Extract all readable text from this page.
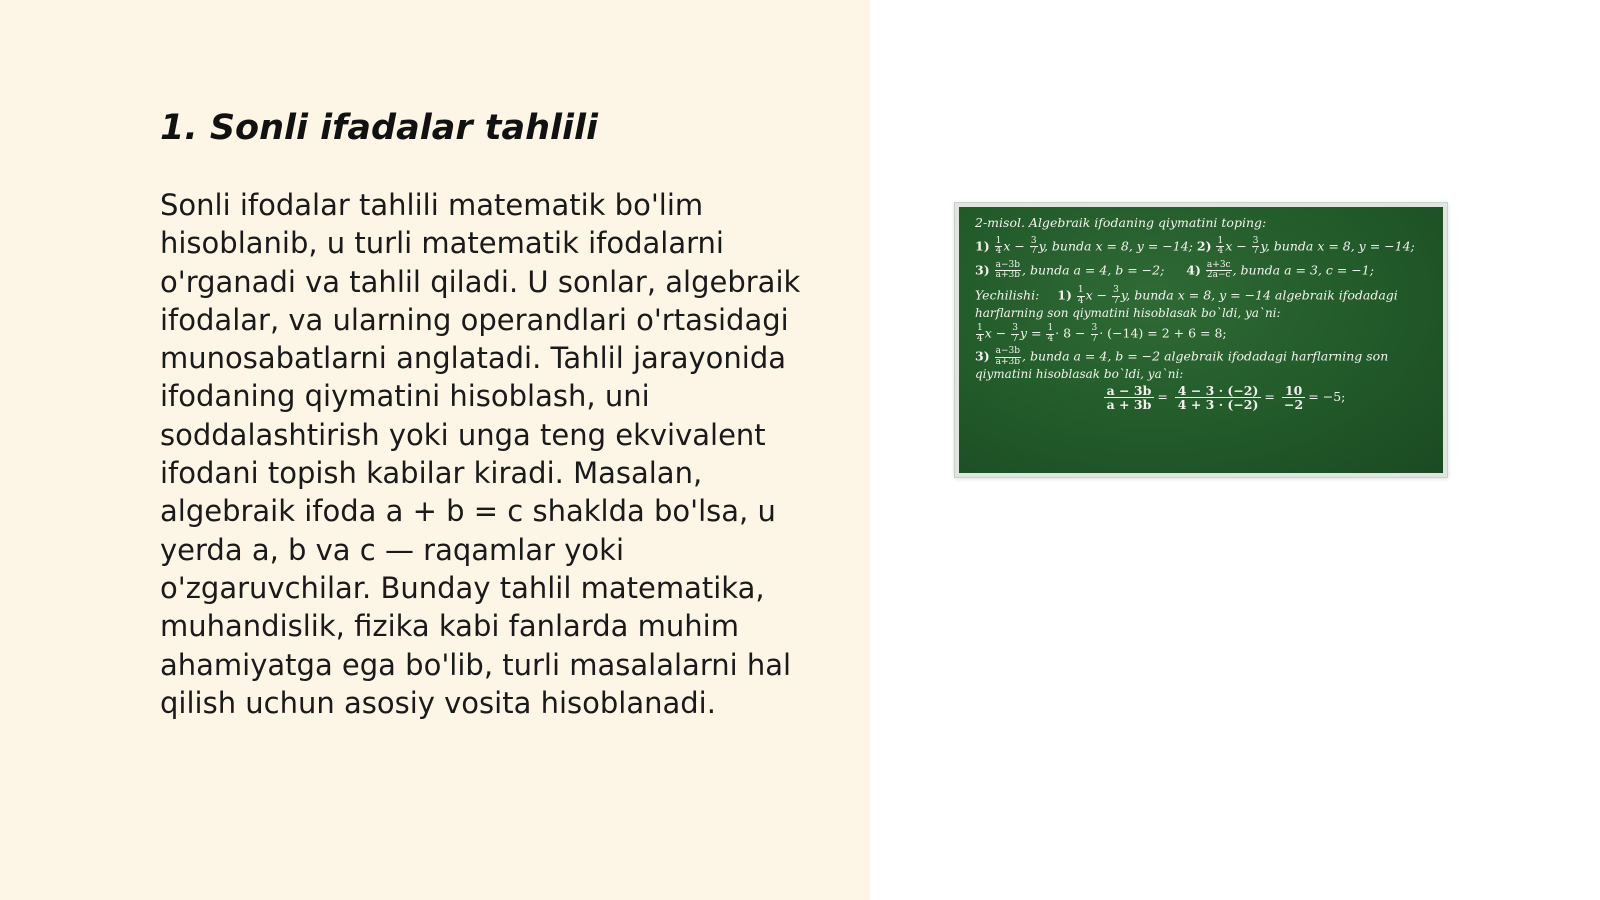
1. Sonli ifadalar tahlili

Sonli ifodalar tahlili matematik bo'lim hisoblanib, u turli matematik ifodalarni o'rganadi va tahlil qiladi. U sonlar, algebraik ifodalar, va ularning operandlari o'rtasidagi munosabatlarni anglatadi. Tahlil jarayonida ifodaning qiymatini hisoblash, uni soddalashtirish yoki unga teng ekvivalent ifodani topish kabilar kiradi. Masalan, algebraik ifoda a + b = c shaklda bo'lsa, u yerda a, b va c — raqamlar yoki o'zgaruvchilar. Bunday tahlil matematika, muhandislik, fizika kabi fanlarda muhim ahamiyatga ega bo'lib, turli masalalarni hal qilish uchun asosiy vosita hisoblanadi.

2-misol. Algebraik ifodaning qiymatini toping:
$1) \frac{1}{4}$ $x - \frac{3}{7} y$, bunda x = 8, y = −14; $2) \frac{1}{4}$ $x - \frac{3}{7} y$, bunda x = 8, y = −14;
$3) \frac{a-3b}{a+3b}$ , bunda a = 4, b = −2; $4) \frac{a+3c}{2a-c}$ , bunda a = 3, c = −1;
Yechilishi: $1) \frac{1}{4}$ $x - \frac{3}{7} y$, bunda x = 8, y = −14 algebraik ifodadagi
harflarning son qiymatini hisoblasak bo`ldi, ya`ni:
$\frac{1}{4}$ $x - \frac{3}{7}$ $y = \frac{1}{4} \cdot 8 - \frac{3}{7} \cdot (-14) = 2 + 6 = 8$;
$3) \frac{a-3b}{a+3b}$ , bunda a = 4, b = −2 algebraik ifodadagi harflarning son
qiymatini hisoblasak bo`ldi, ya`ni:
$\frac{a - 3b}{a + 3b} = \frac{4 - 3 \cdot (-2)}{4 + 3 \cdot (-2)} = \frac{10}{-2} = -5$;
